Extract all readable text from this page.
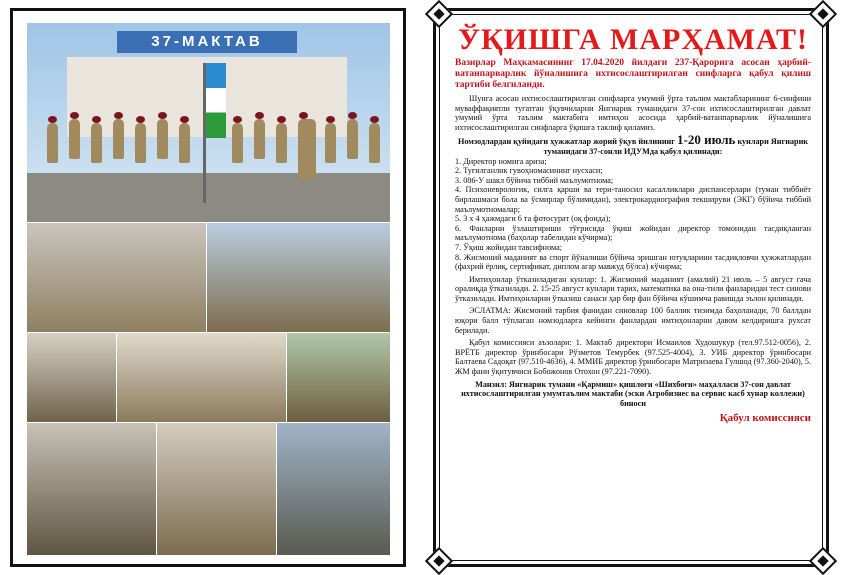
37-МАКТАВ	ЎҚИШГА МАРҲАМАТ!
Вазирлар Маҳкамасининг 17.04.2020 йилдаги 237-Қарорига асосан ҳарбий-ватанпарварлик йўналишига ихтисослаштирилган синфларга қабул қилиш тартиби белгиланди.
Шунга асосан ихтисослаштирилган синфларга умумий ўрта таълим мактабларининг 6-синфини муваффақиятли тугатган ўқувчиларни Янгиарик туманидаги 37-сон ихтисослаштирилган давлат умумий ўрта таълим мактабига имтиҳон асосида ҳарбий-ватанпарварлик йўналишига ихтисослаштирилган синфларга ўқишга таклиф қиламиз.
Номзодлардан қуйидаги ҳужжатлар жорий ўқув йилининг 1-20 июль кунлари Янгиарик туманидаги 37-сонли ИДУМда қабул қилинади:
1. Директор номига ариза;
2. Туғилганлик гувоҳномасининг нусхаси;
3. 086-У шакл бўйича тиббий маълумотнома;
4. Психоневрологик, силга қарши ва тери-таносил касалликлари диспансерлари (туман тиббиёт бирлашмаси бола ва ўсмирлар бўлимидан), электрокардиография текшируви (ЭКГ) бўйича тиббий маълумотномалар;
5. 3 х 4 ҳажмдаги 6 та фотосурат (оқ фонда);
6. Фанларни ўзлаштириши тўғрисида ўқиш жойидан директор томонидан тасдиқланган маълумотнома (баҳолар табелидан кўчирма);
7. Ўқиш жойидан тавсифнома;
8. Жисмоний маданият ва спорт йўналиши бўйича эришган ютуқларини тасдиқловчи ҳужжатлардан (фахрий ёрлиқ, сертификат, диплом агар мавжуд бўлса) кўчирма;
Имтиҳонлар ўтказиладиган кунлар: 1. Жисмоний маданият (амалий) 21 июль – 5 август гача оралиқда ўтказилади. 2. 15-25 август кунлари тарих, математика ва она-тили фанларидан тест синови ўтказилади. Имтиҳонларни ўтказиш санаси ҳар бир фан бўйича кўшимча равишда эълон қилинади.
ЭСЛАТМА: Жисмоний тарбия фанидан синовлар 100 баллик тизимда баҳоланади, 70 баллдан юқори балл тўплаган номзодларга кейинги фанлардан имтиҳонларни давом келдиришга рухсат берилади.
Қабул комиссияси аъзолари: 1. Мактаб директори Исмаилов Худошукур (тел.97.512-0056), 2. ВРЁТБ директор ўринбосари Рўзметов Темурбек (97.525-4004), 3. УИБ директор ўринбосари Балтаева Садоқат (97.510-4636), 4. ММИБ директор ўринбосари Матризаева Гулшод (97.360-2040), 5. ЖМ фани ўқитувчиси Бобожонов Отохон (97.221-7090).
Манзил: Янгиарик тумани «Қармиш» қишлоғи «Шихбоғи» маҳалласи 37-сон давлат ихтисослаштирилган умумтаълим мактаби (эски Агробизнес ва сервис касб хунар коллежи) биноси
Қабул комиссияси
